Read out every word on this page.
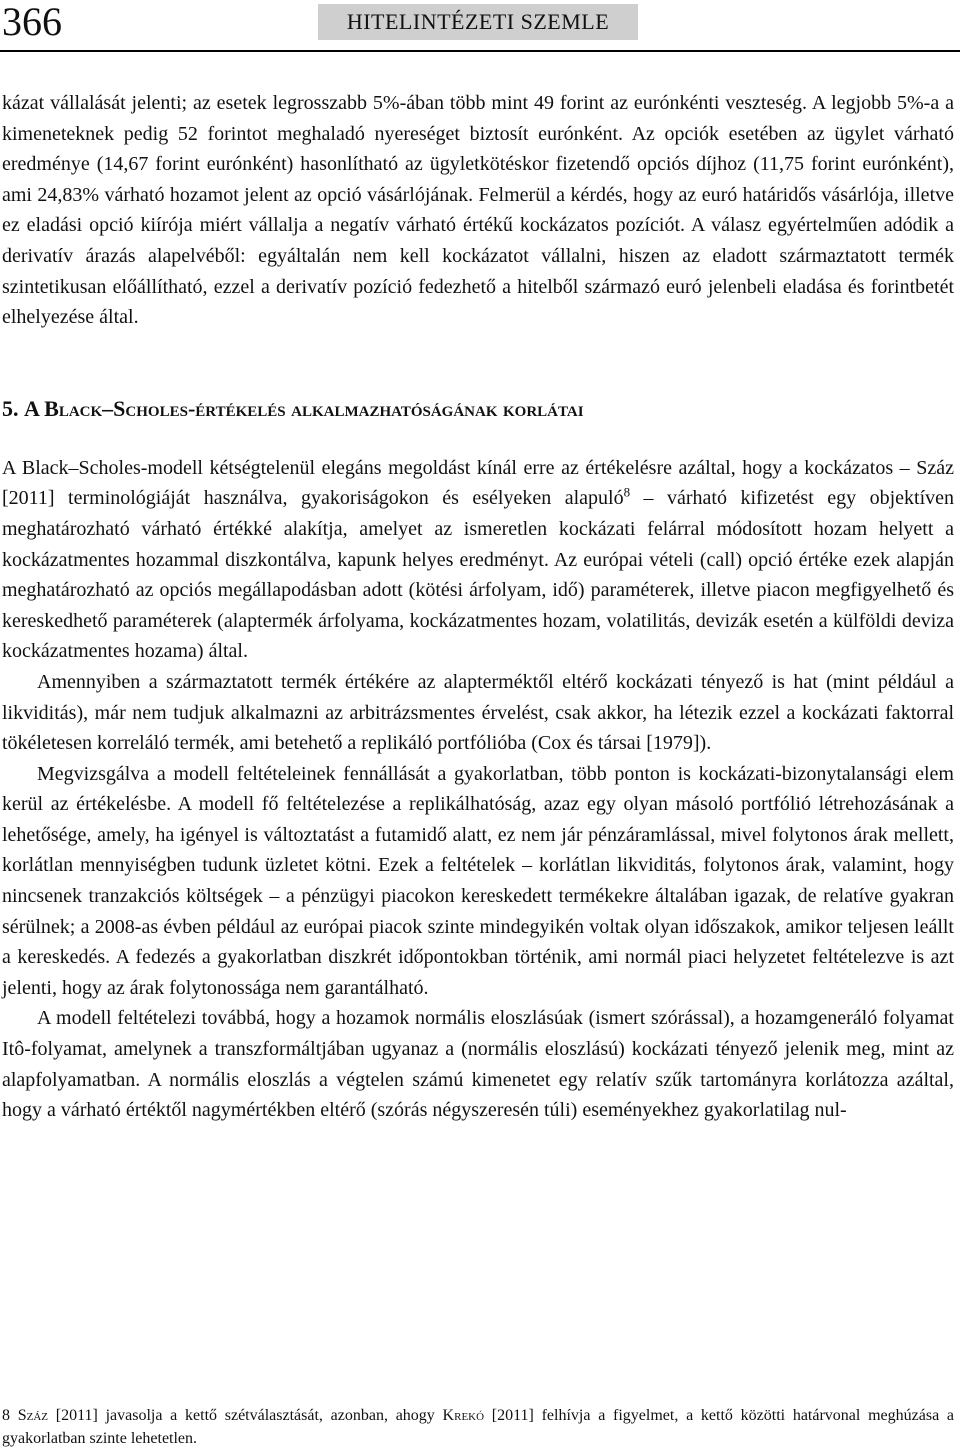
366	HITELINTÉZETI SZEMLE

kázat vállalását jelenti; az esetek legrosszabb 5%-ában több mint 49 forint az eurónkénti veszteség. A legjobb 5%-a a kimeneteknek pedig 52 forintot meghaladó nyereséget biztosít eurónként. Az opciók esetében az ügylet várható eredménye (14,67 forint eurónként) hasonlítható az ügyletkötéskor fizetendő opciós díjhoz (11,75 forint eurónként), ami 24,83% várható hozamot jelent az opció vásárlójának. Felmerül a kérdés, hogy az euró határidős vásárlója, illetve ez eladási opció kiírója miért vállalja a negatív várható értékű kockázatos pozíciót. A válasz egyértelműen adódik a derivatív árazás alapelvéből: egyáltalán nem kell kockázatot vállalni, hiszen az eladott származtatott termék szintetikusan előállítható, ezzel a derivatív pozíció fedezhető a hitelből származó euró jelenbeli eladása és forintbetét elhelyezése által.

5. A Black–Scholes-értékelés alkalmazhatóságának korlátai

A Black–Scholes-modell kétségtelenül elegáns megoldást kínál erre az értékelésre azáltal, hogy a kockázatos – Száz [2011] terminológiáját használva, gyakoriságokon és esélyeken alapuló$^8$ – várható kifizetést egy objektíven meghatározható várható értékké alakítja, amelyet az ismeretlen kockázati felárral módosított hozam helyett a kockázatmentes hozammal diszkontálva, kapunk helyes eredményt. Az európai vételi (call) opció értéke ezek alapján meghatározható az opciós megállapodásban adott (kötési árfolyam, idő) paraméterek, illetve piacon megfigyelhető és kereskedhető paraméterek (alaptermék árfolyama, kockázatmentes hozam, volatilitás, devizák esetén a külföldi deviza kockázatmentes hozama) által.

Amennyiben a származtatott termék értékére az alapterméktől eltérő kockázati tényező is hat (mint például a likviditás), már nem tudjuk alkalmazni az arbitrázsmentes érvelést, csak akkor, ha létezik ezzel a kockázati faktorral tökéletesen korreláló termék, ami betehető a replikáló portfólióba (Cox és társai [1979]).

Megvizsgálva a modell feltételeinek fennállását a gyakorlatban, több ponton is kockázati-bizonytalansági elem kerül az értékelésbe. A modell fő feltételezése a replikálhatóság, azaz egy olyan másoló portfólió létrehozásának a lehetősége, amely, ha igényel is változtatást a futamidő alatt, ez nem jár pénzáramlással, mivel folytonos árak mellett, korlátlan mennyiségben tudunk üzletet kötni. Ezek a feltételek – korlátlan likviditás, folytonos árak, valamint, hogy nincsenek tranzakciós költségek – a pénzügyi piacokon kereskedett termékekre általában igazak, de relatíve gyakran sérülnek; a 2008-as évben például az európai piacok szinte mindegyikén voltak olyan időszakok, amikor teljesen leállt a kereskedés. A fedezés a gyakorlatban diszkrét időpontokban történik, ami normál piaci helyzetet feltételezve is azt jelenti, hogy az árak folytonossága nem garantálható.

A modell feltételezi továbbá, hogy a hozamok normális eloszlásúak (ismert szórással), a hozamgeneráló folyamat Itô-folyamat, amelynek a transzformáltjában ugyanaz a (normális eloszlású) kockázati tényező jelenik meg, mint az alapfolyamatban. A normális eloszlás a végtelen számú kimenetet egy relatív szűk tartományra korlátozza azáltal, hogy a várható értéktől nagymértékben eltérő (szórás négyszeresén túli) eseményekhez gyakorlatilag nul-

8 Száz [2011] javasolja a kettő szétválasztását, azonban, ahogy Krekó [2011] felhívja a figyelmet, a kettő közötti határvonal meghúzása a gyakorlatban szinte lehetetlen.
